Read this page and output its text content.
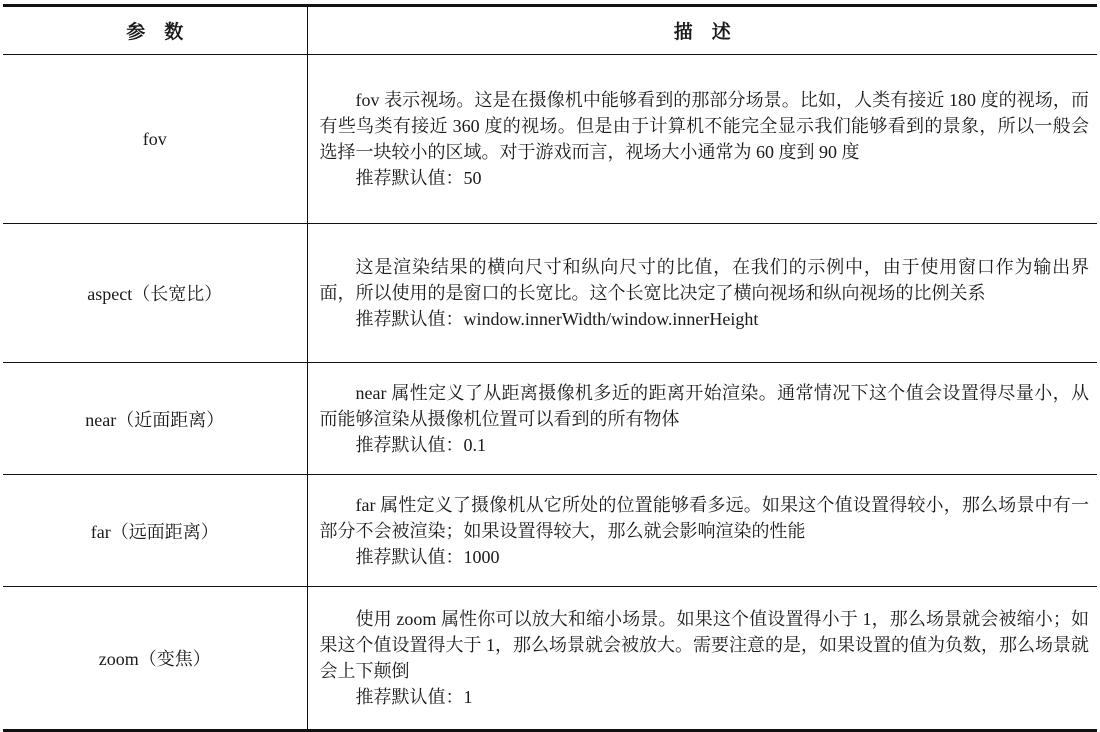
参　数	描　述
fov	fov 表示视场。这是在摄像机中能够看到的那部分场景。比如，人类有接近 180 度的视场，而有些鸟类有接近 360 度的视场。但是由于计算机不能完全显示我们能够看到的景象，所以一般会选择一块较小的区域。对于游戏而言，视场大小通常为 60 度到 90 度

推荐默认值：50

aspect（长宽比）	这是渲染结果的横向尺寸和纵向尺寸的比值，在我们的示例中，由于使用窗口作为输出界面，所以使用的是窗口的长宽比。这个长宽比决定了横向视场和纵向视场的比例关系

推荐默认值：window.innerWidth/window.innerHeight

near（近面距离）	near 属性定义了从距离摄像机多近的距离开始渲染。通常情况下这个值会设置得尽量小，从而能够渲染从摄像机位置可以看到的所有物体

推荐默认值：0.1

far（远面距离）	far 属性定义了摄像机从它所处的位置能够看多远。如果这个值设置得较小，那么场景中有一部分不会被渲染；如果设置得较大，那么就会影响渲染的性能

推荐默认值：1000

zoom（变焦）	使用 zoom 属性你可以放大和缩小场景。如果这个值设置得小于 1，那么场景就会被缩小；如果这个值设置得大于 1，那么场景就会被放大。需要注意的是，如果设置的值为负数，那么场景就会上下颠倒

推荐默认值：1
